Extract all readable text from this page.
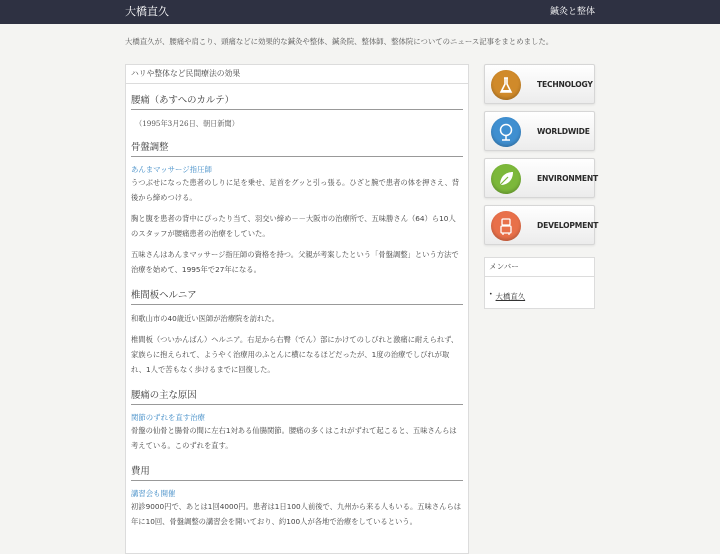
大橋直久	鍼灸と整体
大橋直久が、腰痛や肩こり、頭痛などに効果的な鍼灸や整体、鍼灸院、整体師、整体院についてのニュース記事をまとめました。
ハリや整体など民間療法の効果
腰痛（あすへのカルテ）
（1995年3月26日、朝日新聞）
骨盤調整
あんまマッサージ指圧師

うつぶせになった患者のしりに足を乗せ、足首をグッと引っ張る。ひざと腕で患者の体を押さえ、背後から締めつける。

胸と腹を患者の背中にぴったり当て、羽交い締め－－大阪市の治療所で、五味勝さん（64）ら10人のスタッフが腰痛患者の治療をしていた。

五味さんはあんまマッサージ指圧師の資格を持つ。父親が考案したという「骨盤調整」という方法で治療を始めて、1995年で27年になる。

椎間板ヘルニア

和歌山市の40歳近い医師が治療院を訪れた。

椎間板（ついかんばん）ヘルニア。右足から右臀（でん）部にかけてのしびれと激痛に耐えられず、家族らに抱えられて、ようやく治療用のふとんに横になるほどだったが、1度の治療でしびれが取れ、1人で苦もなく歩けるまでに回復した。

腰痛の主な原因
関節のずれを直す治療

骨盤の仙骨と腸骨の間に左右1対ある仙腸関節。腰痛の多くはこれがずれて起こると、五味さんらは考えている。このずれを直す。

費用
講習会も開催

初診9000円で、あとは1回4000円。患者は1日100人前後で、九州から来る人もいる。五味さんらは年に10回、骨盤調整の講習会を開いており、約100人が各地で治療をしているという。

TECHNOLOGY
WORLDWIDE
ENVIRONMENT
DEVELOPMENT
メンバー
• 大橋直久
